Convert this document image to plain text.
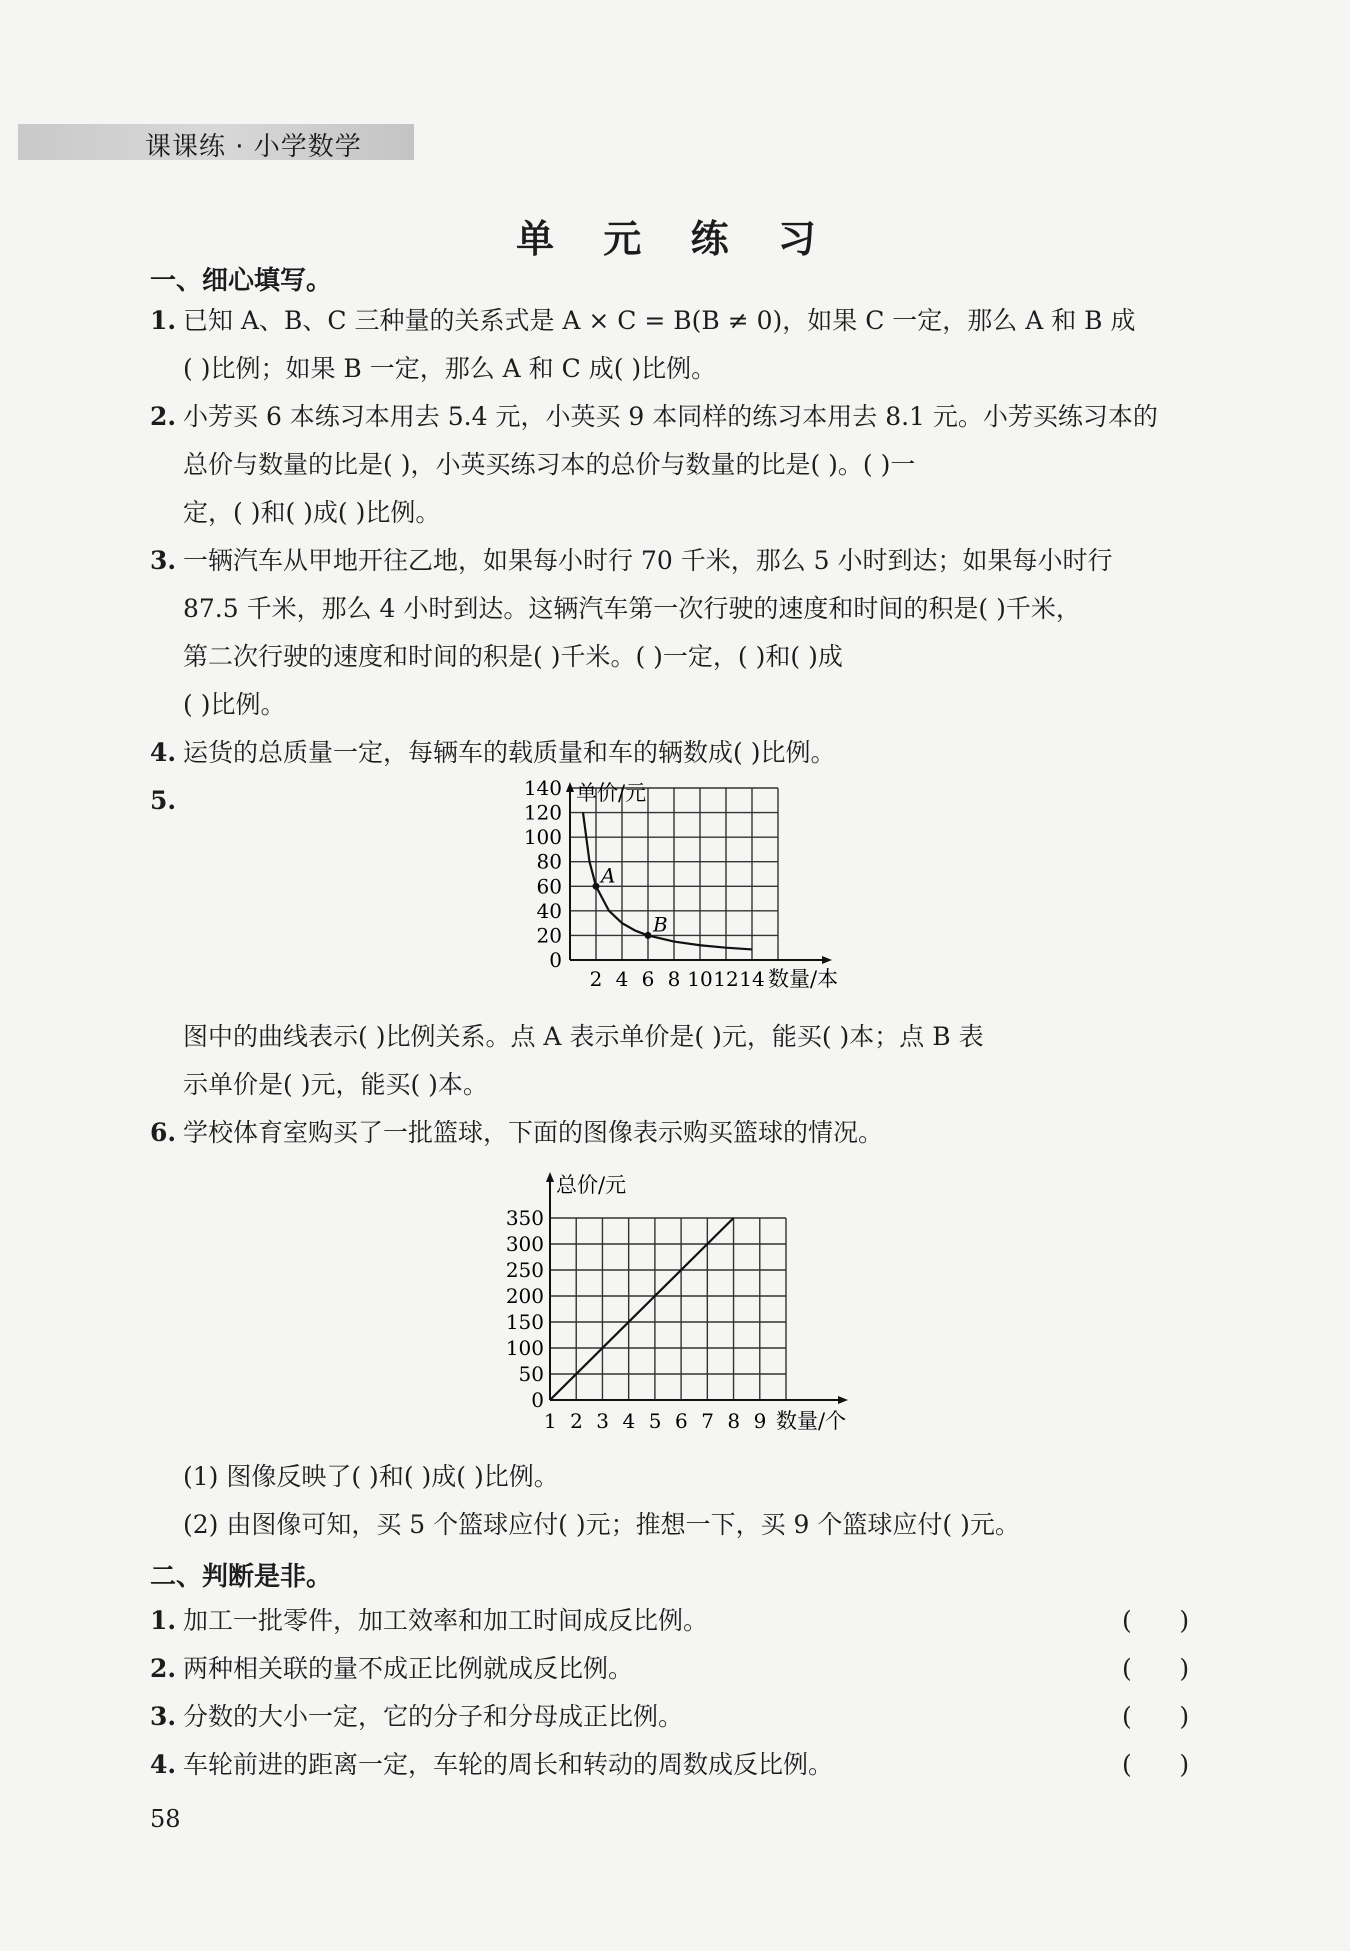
课课练 · 小学数学
单 元 练 习
一、细心填写。
1. 已知 A、B、C 三种量的关系式是 A × C = B(B ≠ 0)，如果 C 一定，那么 A 和 B 成
( )比例；如果 B 一定，那么 A 和 C 成( )比例。
2. 小芳买 6 本练习本用去 5.4 元，小英买 9 本同样的练习本用去 8.1 元。小芳买练习本的
总价与数量的比是( )，小英买练习本的总价与数量的比是( )。( )一
定，( )和( )成( )比例。
3. 一辆汽车从甲地开往乙地，如果每小时行 70 千米，那么 5 小时到达；如果每小时行
87.5 千米，那么 4 小时到达。这辆汽车第一次行驶的速度和时间的积是( )千米，
第二次行驶的速度和时间的积是( )千米。( )一定，( )和( )成
( )比例。
4. 运货的总质量一定，每辆车的载质量和车的辆数成( )比例。
5.
0
20
40
60
80
100
120
140
2 4 6 8 10 12 14
单价/元
数量/本
A
B
图中的曲线表示( )比例关系。点 A 表示单价是( )元，能买( )本；点 B 表
示单价是( )元，能买( )本。
6. 学校体育室购买了一批篮球，下面的图像表示购买篮球的情况。
0
50
100
150
200
250
300
350
1 2 3 4 5 6 7 8 9
总价/元
数量/个
(1) 图像反映了( )和( )成( )比例。
(2) 由图像可知，买 5 个篮球应付( )元；推想一下，买 9 个篮球应付( )元。
二、判断是非。
1. 加工一批零件，加工效率和加工时间成反比例。	(      )
2. 两种相关联的量不成正比例就成反比例。	(      )
3. 分数的大小一定，它的分子和分母成正比例。	(      )
4. 车轮前进的距离一定，车轮的周长和转动的周数成反比例。	(      )
58
